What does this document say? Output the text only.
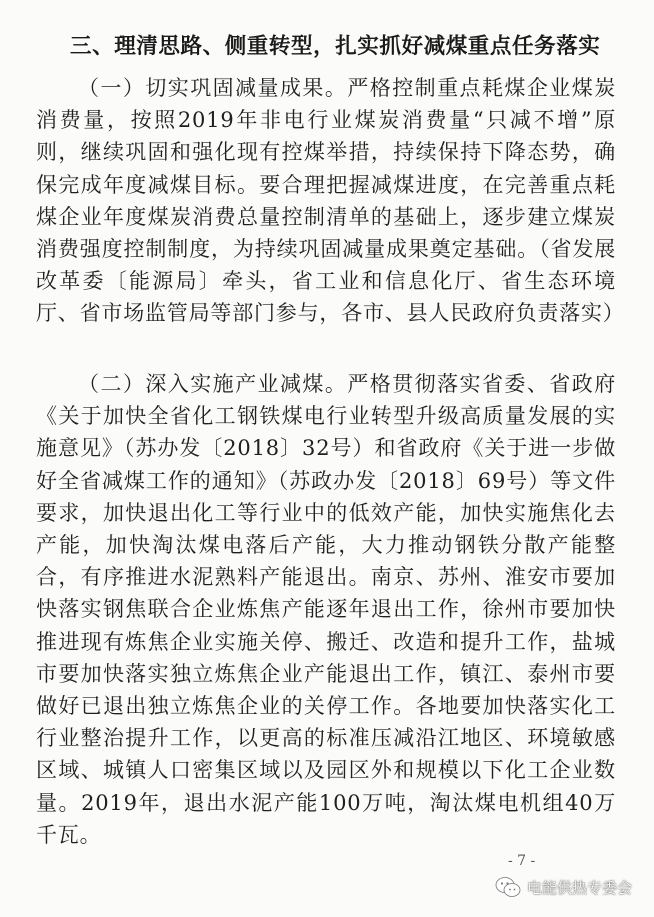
三、理清思路、侧重转型，扎实抓好减煤重点任务落实

（一）切实巩固减量成果。严格控制重点耗煤企业煤炭消费量，按照2019年非电行业煤炭消费量“只减不增”原则，继续巩固和强化现有控煤举措，持续保持下降态势，确保完成年度减煤目标。要合理把握减煤进度，在完善重点耗煤企业年度煤炭消费总量控制清单的基础上，逐步建立煤炭消费强度控制制度，为持续巩固减量成果奠定基础。（省发展改革委〔能源局〕牵头，省工业和信息化厅、省生态环境厅、省市场监管局等部门参与，各市、县人民政府负责落实）

（二）深入实施产业减煤。严格贯彻落实省委、省政府《关于加快全省化工钢铁煤电行业转型升级高质量发展的实施意见》（苏办发〔2018〕32号）和省政府《关于进一步做好全省减煤工作的通知》（苏政办发〔2018〕69号）等文件要求，加快退出化工等行业中的低效产能，加快实施焦化去产能，加快淘汰煤电落后产能，大力推动钢铁分散产能整合，有序推进水泥熟料产能退出。南京、苏州、淮安市要加快落实钢焦联合企业炼焦产能逐年退出工作，徐州市要加快推进现有炼焦企业实施关停、搬迁、改造和提升工作，盐城市要加快落实独立炼焦企业产能退出工作，镇江、泰州市要做好已退出独立炼焦企业的关停工作。各地要加快落实化工行业整治提升工作，以更高的标准压减沿江地区、环境敏感区域、城镇人口密集区域以及园区外和规模以下化工企业数量。2019年，退出水泥产能100万吨，淘汰煤电机组40万千瓦。

- 7 -
电能供热专委会
